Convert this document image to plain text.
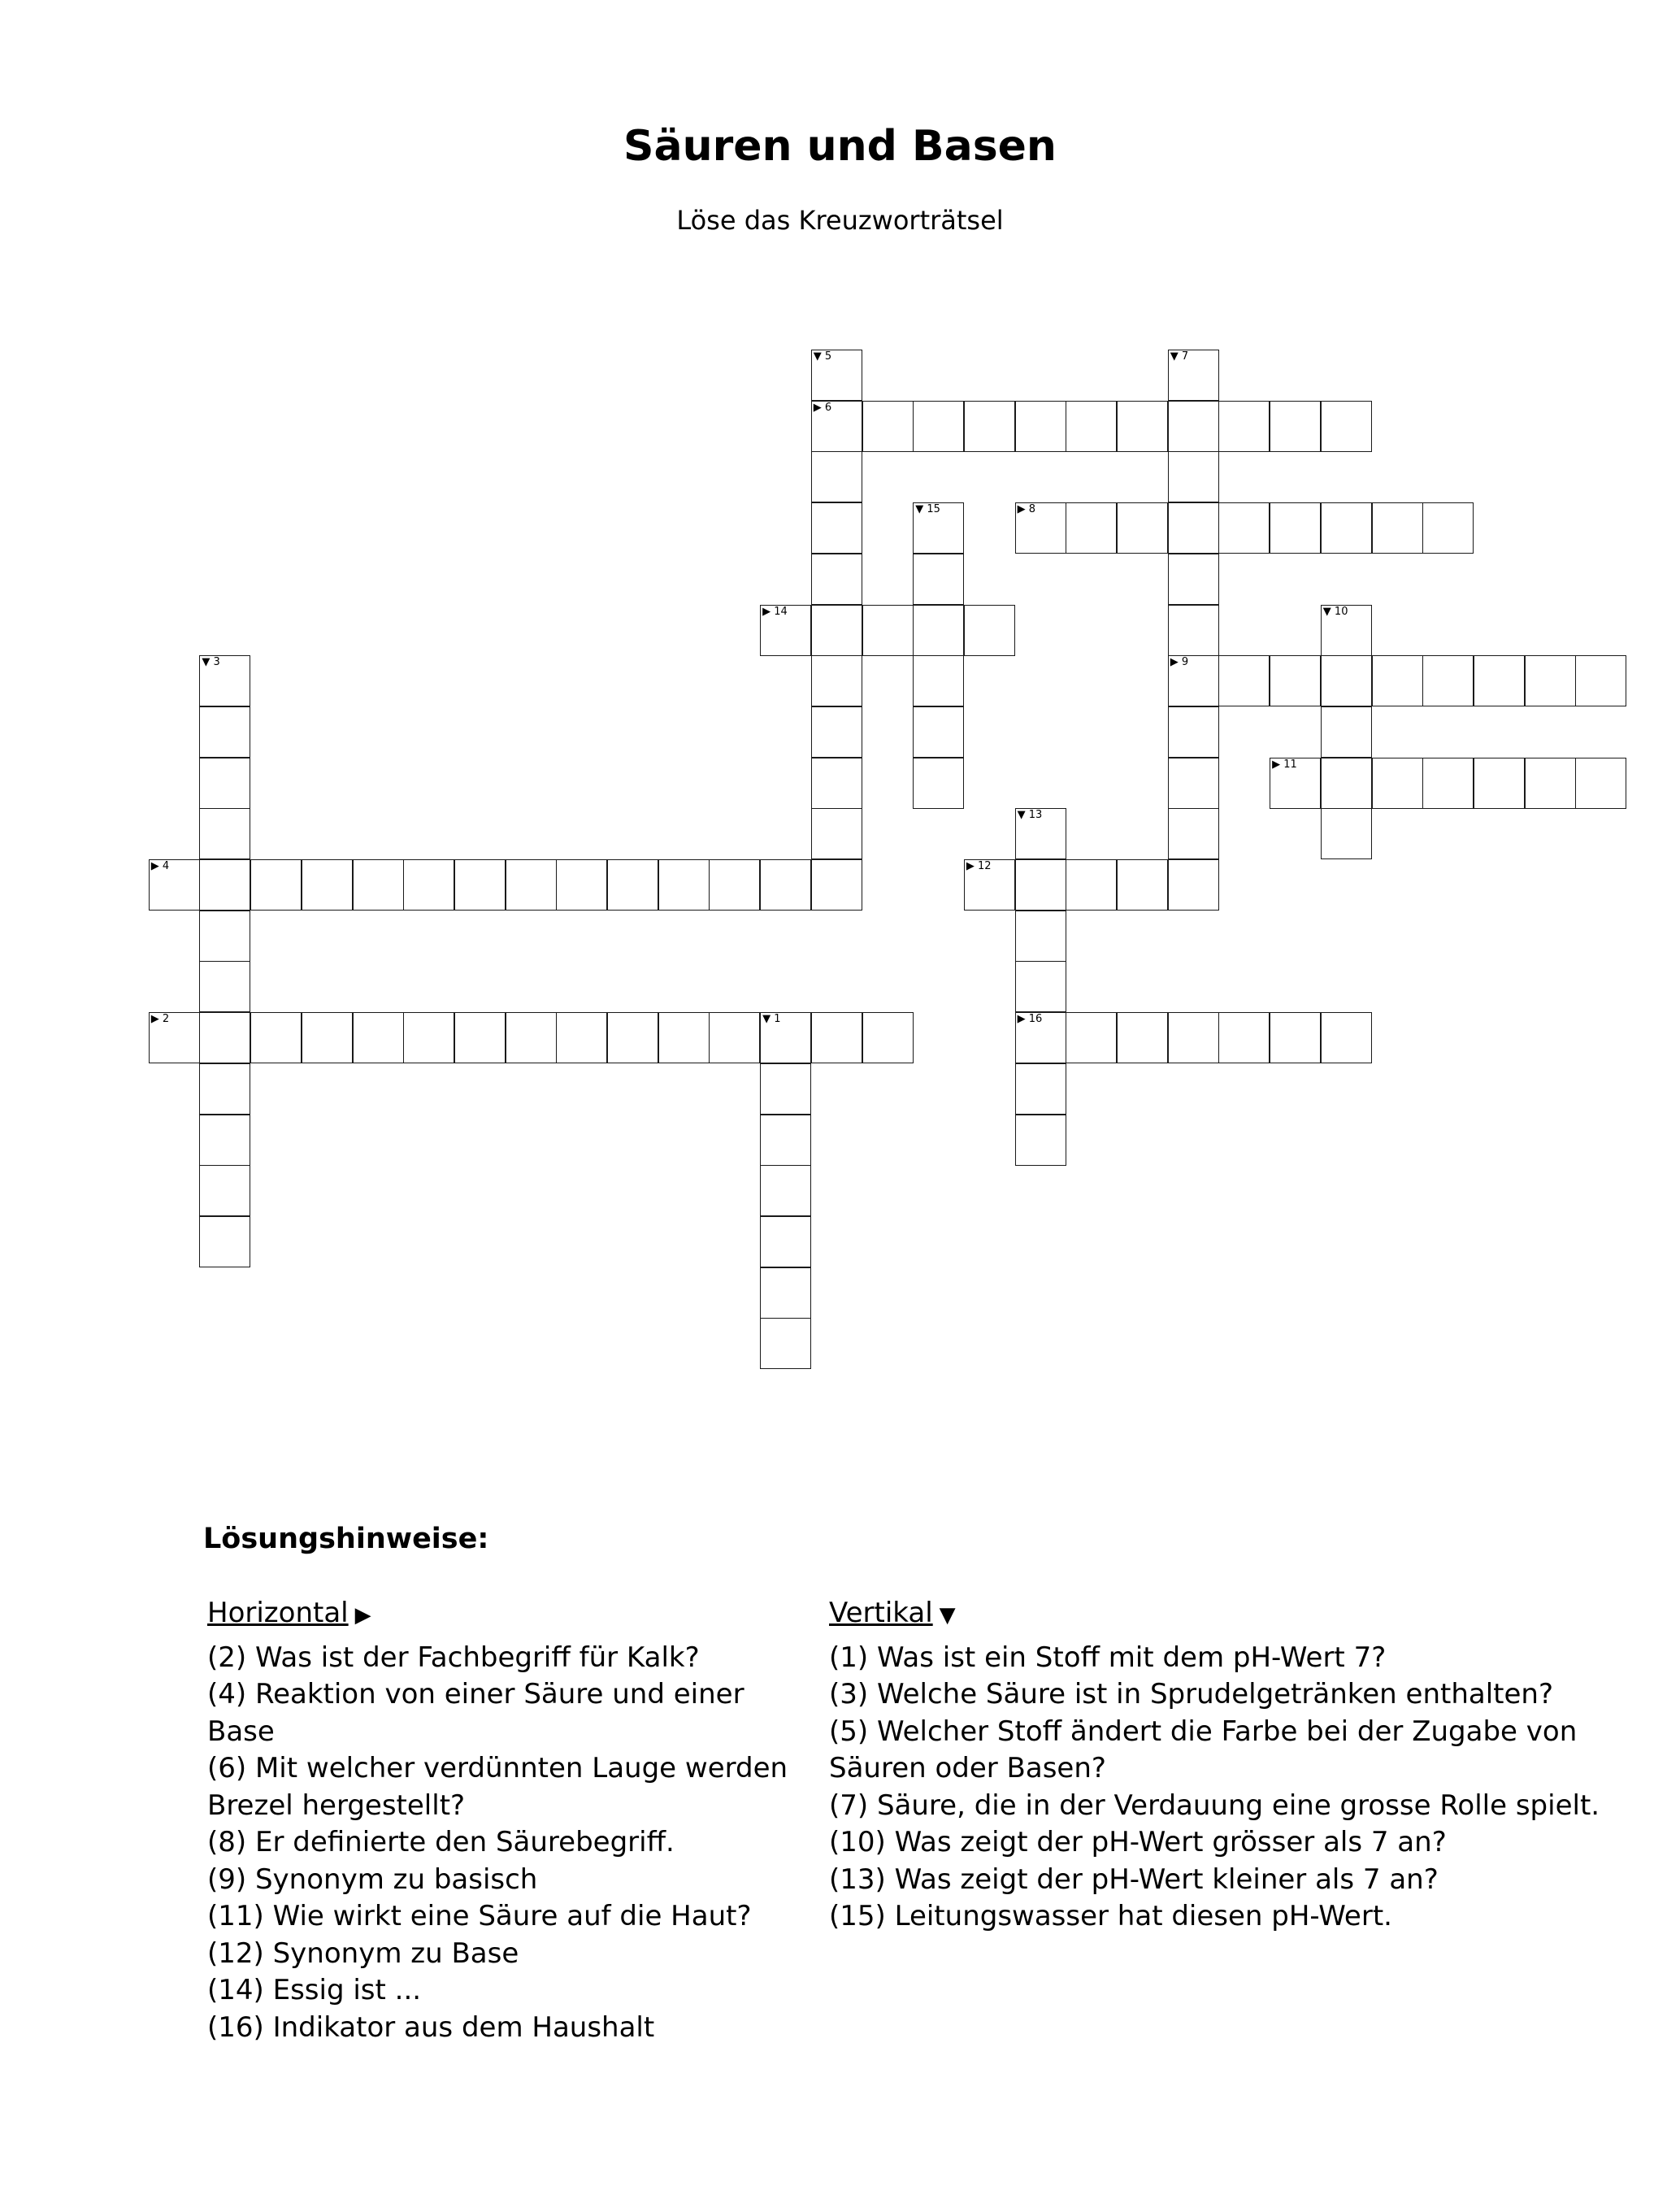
Säuren und Basen
Löse das Kreuzworträtsel
▼ 1
▶ 2
▼ 3
▶ 4
▼ 5
▶ 6
▼ 7
▶ 9
▶ 8
▼ 10
▶ 11
▶ 12
▼ 13
▶ 16
▶ 14
▼ 15
Lösungshinweise:
Horizontal ▶
(2) Was ist der Fachbegriff für Kalk?
(4) Reaktion von einer Säure und einer Base
(6) Mit welcher verdünnten Lauge werden Brezel hergestellt?
(8) Er definierte den Säurebegriff.
(9) Synonym zu basisch
(11) Wie wirkt eine Säure auf die Haut?
(12) Synonym zu Base
(14) Essig ist ...
(16) Indikator aus dem Haushalt
Vertikal ▼
(1) Was ist ein Stoff mit dem pH-Wert 7?
(3) Welche Säure ist in Sprudelgetränken enthalten?
(5) Welcher Stoff ändert die Farbe bei der Zugabe von Säuren oder Basen?
(7) Säure, die in der Verdauung eine grosse Rolle spielt.
(10) Was zeigt der pH-Wert grösser als 7 an?
(13) Was zeigt der pH-Wert kleiner als 7 an?
(15) Leitungswasser hat diesen pH-Wert.
